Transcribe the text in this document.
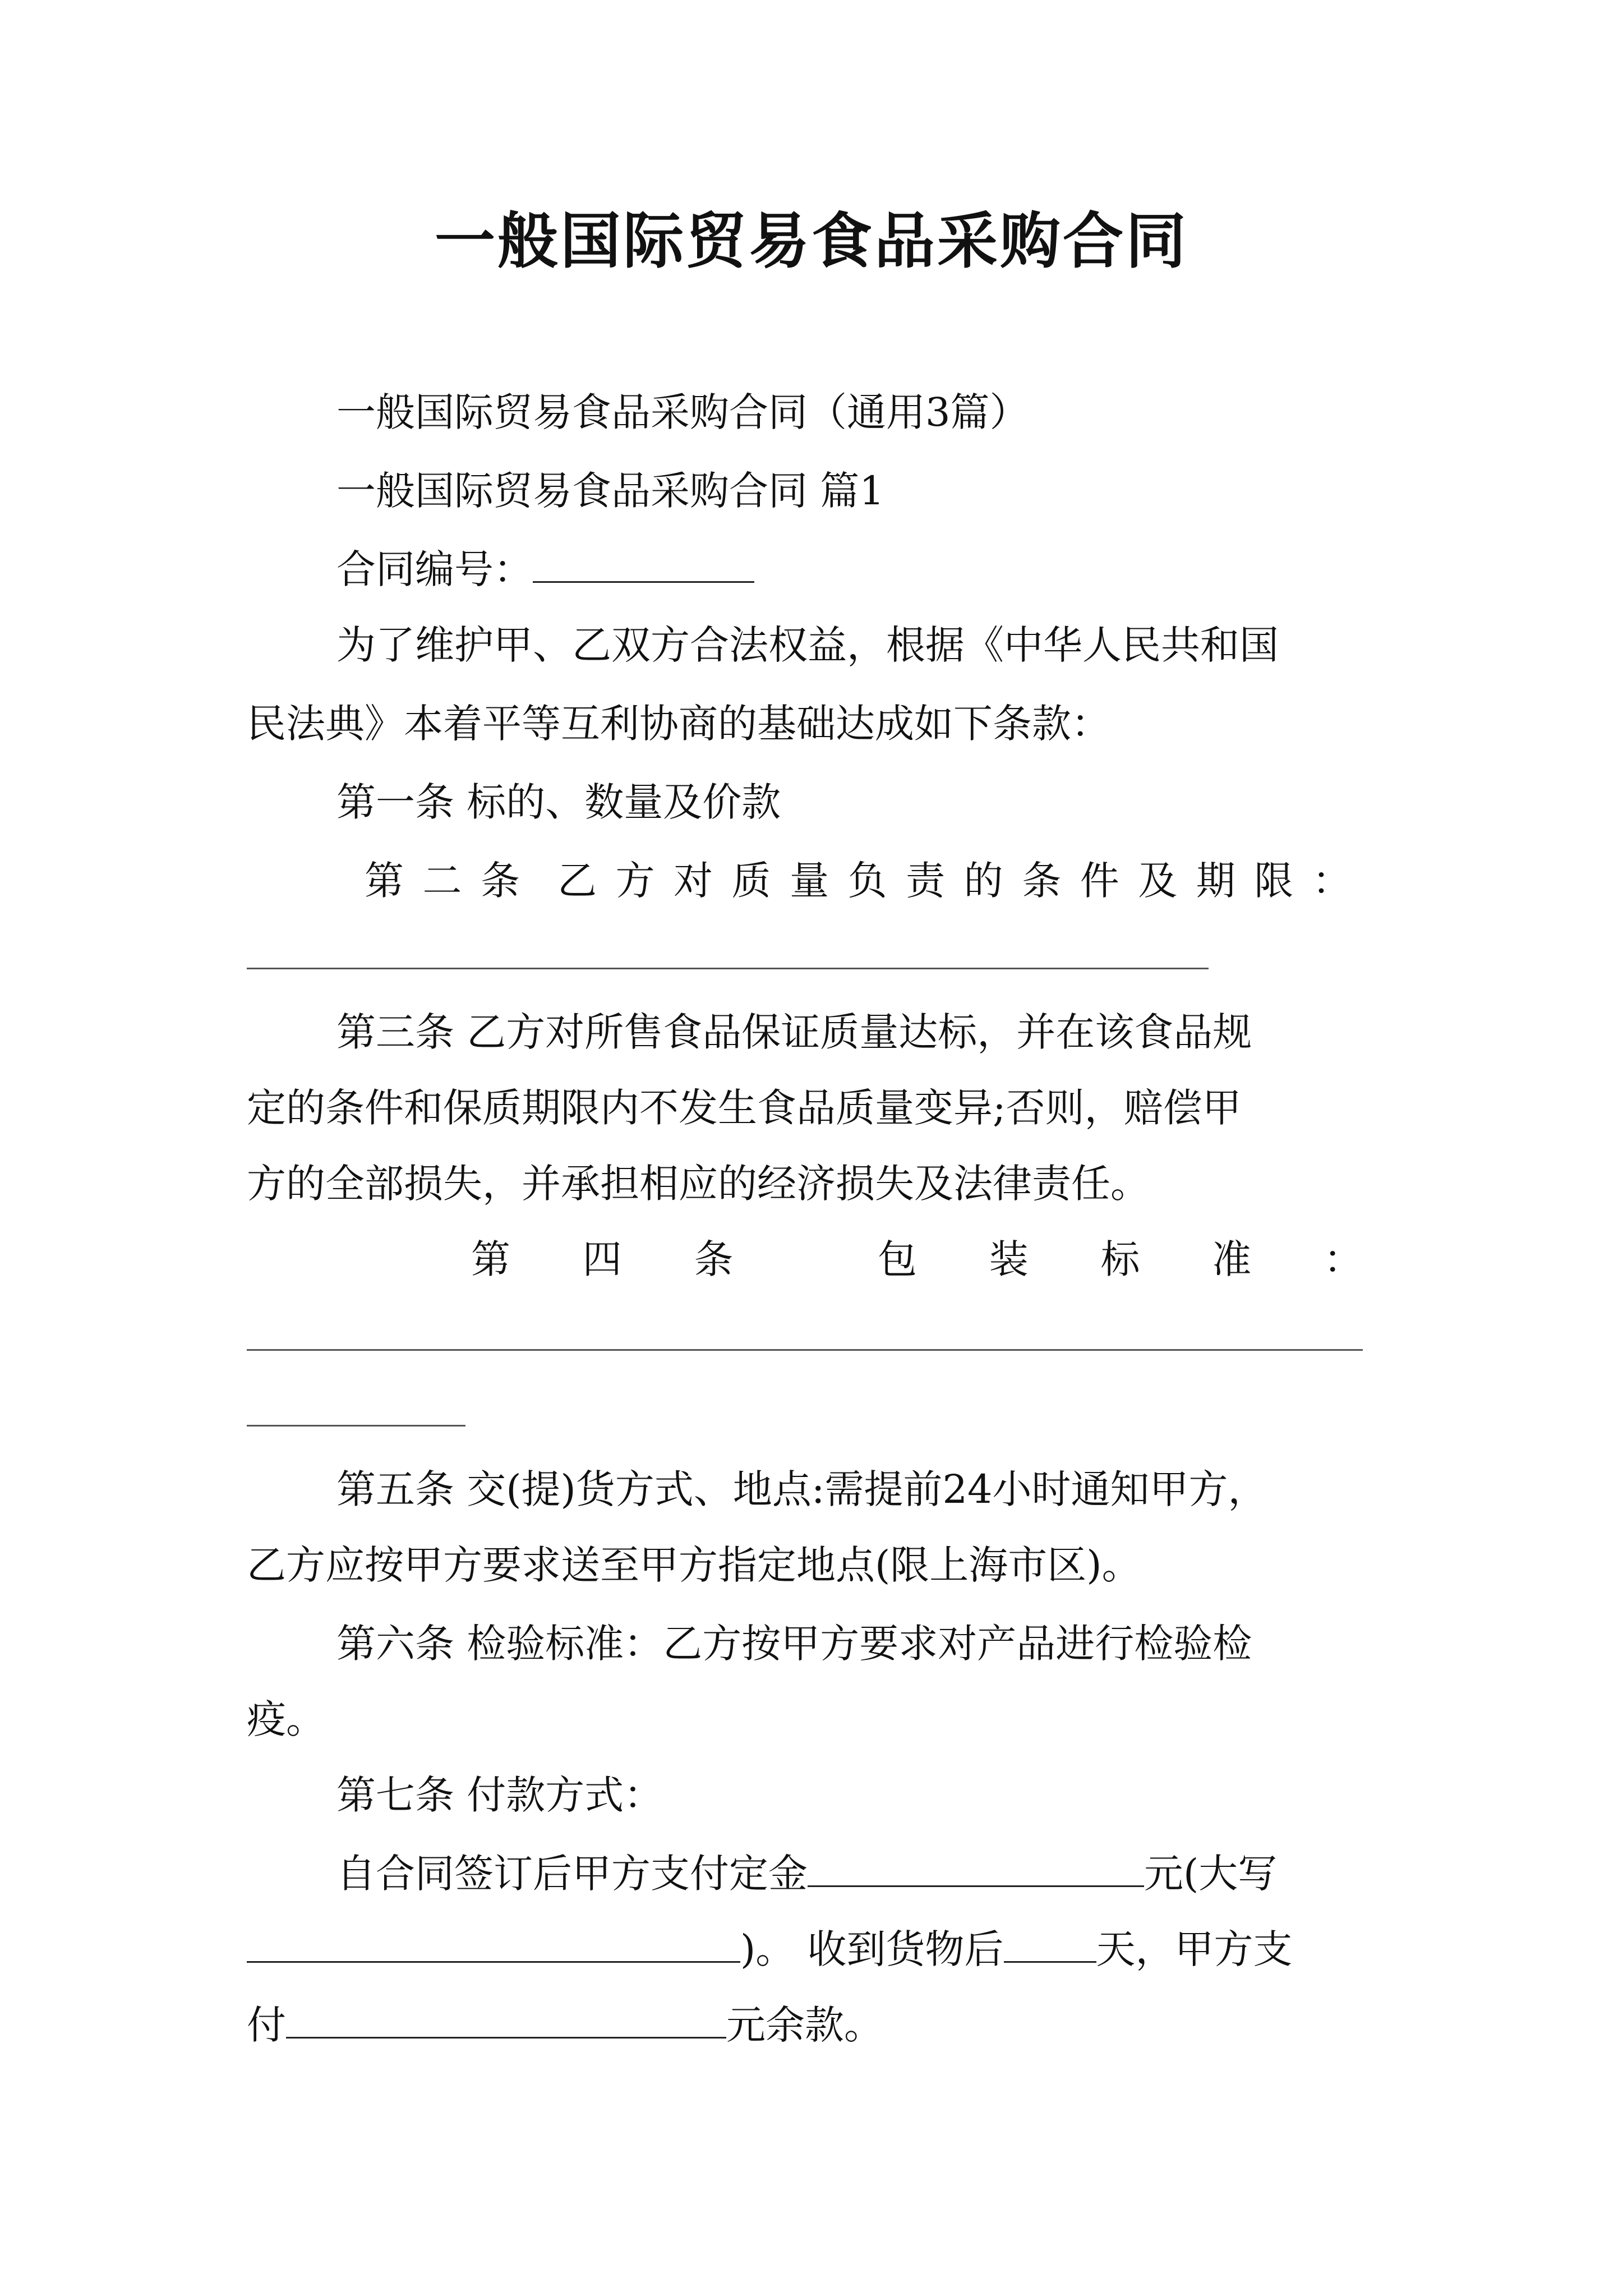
一般国际贸易食品采购合同
一般国际贸易食品采购合同（通用3篇）
一般国际贸易食品采购合同 篇1
合同编号：
为了维护甲、乙双方合法权益，根据《中华人民共和国
民法典》本着平等互利协商的基础达成如下条款：
第一条 标的、数量及价款
第 二 条 乙 方 对 质 量 负 责 的 条 件 及 期 限 ：
第三条 乙方对所售食品保证质量达标，并在该食品规
定的条件和保质期限内不发生食品质量变异;否则，赔偿甲
方的全部损失，并承担相应的经济损失及法律责任。
第 四 条	包 装 标 准 ：
第五条 交(提)货方式、地点:需提前24小时通知甲方，
乙方应按甲方要求送至甲方指定地点(限上海市区)。
第六条 检验标准：乙方按甲方要求对产品进行检验检
疫。
第七条 付款方式：
自合同签订后甲方支付定金	元(大写
)。 收到货物后 天，甲方支
付	元余款。
